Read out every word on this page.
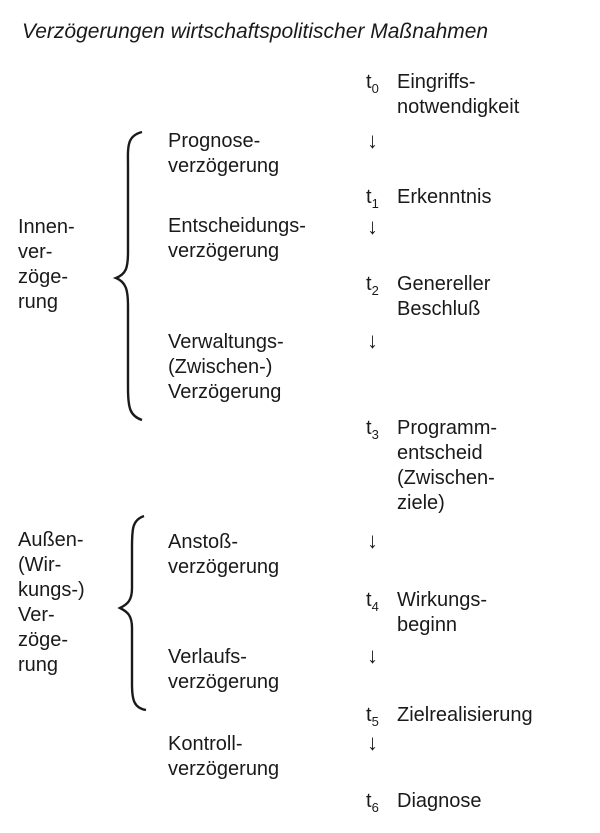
Verzögerungen wirtschaftspolitischer Maßnahmen
Innen-
ver-
zöge-
rung
Außen-
(Wir-
kungs-)
Ver-
zöge-
rung
Prognose-
verzögerung
Entscheidungs-
verzögerung
Verwaltungs-
(Zwischen-)
Verzögerung
Anstoß-
verzögerung
Verlaufs-
verzögerung
Kontroll-
verzögerung
$t_0$
$t_1$
$t_2$
$t_3$
$t_4$
$t_5$
$t_6$
Eingriffs-
notwendigkeit
Erkenntnis
Genereller
Beschluß
Programm-
entscheid
(Zwischen-
ziele)
Wirkungs-
beginn
Zielrealisierung
Diagnose
↓
↓
↓
↓
↓
↓
